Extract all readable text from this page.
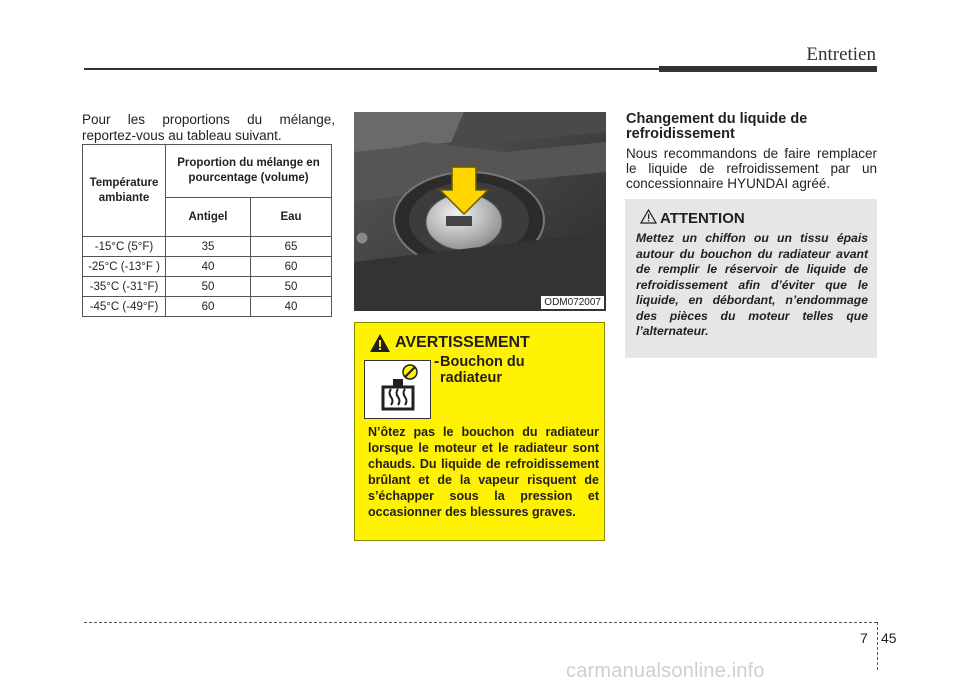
Entretien
Pour les proportions du mélange, reportez-vous au tableau suivant.
Température ambiante	Proportion du mélange en pourcentage (volume)	
	Antigel	Eau
-15°C (5°F)	35	65
-25°C (-13°F )	40	60
-35°C (-31°F)	50	50
-45°C (-49°F)	60	40	ODM072007
AVERTISSEMENT
- Bouchon du radiateur
N’ôtez pas le bouchon du radiateur lorsque le moteur et le radiateur sont chauds. Du liquide de refroidissement brûlant et de la vapeur risquent de s’échapper sous la pression et occasionner des blessures graves.
Changement du liquide de refroidissement
Nous recommandons de faire remplacer le liquide de refroidissement par un concessionnaire HYUNDAI agréé.
ATTENTION
Mettez un chiffon ou un tissu épais autour du bouchon du radiateur avant de remplir le réservoir de liquide de refroidissement afin d’éviter que le liquide, en débordant, n’endommage des pièces du moteur telles que l’alternateur.
7 45
carmanualsonline.info
